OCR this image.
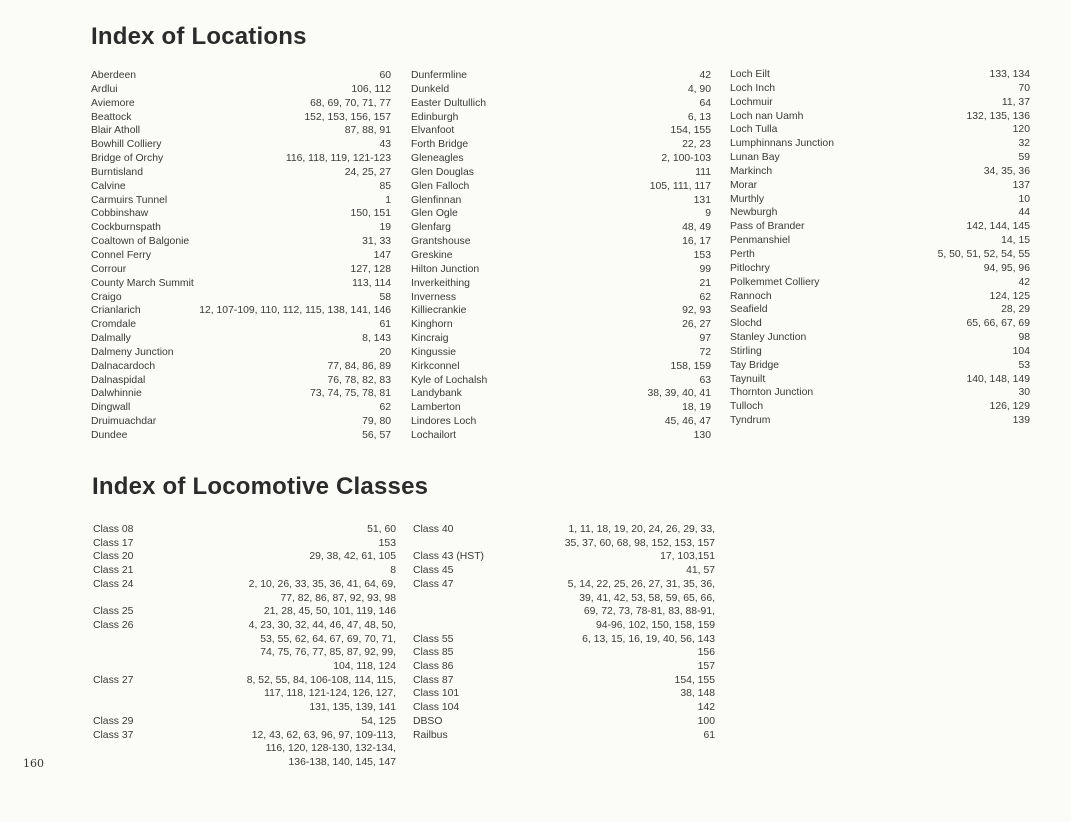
Index of Locations
Aberdeen	60
Ardlui	106, 112
Aviemore	68, 69, 70, 71, 77
Beattock	152, 153, 156, 157
Blair Atholl	87, 88, 91
Bowhill Colliery	43
Bridge of Orchy	116, 118, 119, 121-123
Burntisland	24, 25, 27
Calvine	85
Carmuirs Tunnel	1
Cobbinshaw	150, 151
Cockburnspath	19
Coaltown of Balgonie	31, 33
Connel Ferry	147
Corrour	127, 128
County March Summit	113, 114
Craigo	58
Crianlarich	12, 107-109, 110, 112, 115, 138, 141, 146
Cromdale	61
Dalmally	8, 143
Dalmeny Junction	20
Dalnacardoch	77, 84, 86, 89
Dalnaspidal	76, 78, 82, 83
Dalwhinnie	73, 74, 75, 78, 81
Dingwall	62
Druimuachdar	79, 80
Dundee	56, 57
Dunfermline	42
Dunkeld	4, 90
Easter Dultullich	64
Edinburgh	6, 13
Elvanfoot	154, 155
Forth Bridge	22, 23
Gleneagles	2, 100-103
Glen Douglas	111
Glen Falloch	105, 111, 117
Glenfinnan	131
Glen Ogle	9
Glenfarg	48, 49
Grantshouse	16, 17
Greskine	153
Hilton Junction	99
Inverkeithing	21
Inverness	62
Killiecrankie	92, 93
Kinghorn	26, 27
Kincraig	97
Kingussie	72
Kirkconnel	158, 159
Kyle of Lochalsh	63
Landybank	38, 39, 40, 41
Lamberton	18, 19
Lindores Loch	45, 46, 47
Lochailort	130
Loch Eilt	133, 134
Loch Inch	70
Lochmuir	11, 37
Loch nan Uamh	132, 135, 136
Loch Tulla	120
Lumphinnans Junction	32
Lunan Bay	59
Markinch	34, 35, 36
Morar	137
Murthly	10
Newburgh	44
Pass of Brander	142, 144, 145
Penmanshiel	14, 15
Perth	5, 50, 51, 52, 54, 55
Pitlochry	94, 95, 96
Polkemmet Colliery	42
Rannoch	124, 125
Seafield	28, 29
Slochd	65, 66, 67, 69
Stanley Junction	98
Stirling	104
Tay Bridge	53
Taynuilt	140, 148, 149
Thornton Junction	30
Tulloch	126, 129
Tyndrum	139
Index of Locomotive Classes
Class 08	51, 60
Class 17	153
Class 20	29, 38, 42, 61, 105
Class 21	8
Class 24	2, 10, 26, 33, 35, 36, 41, 64, 69,
77, 82, 86, 87, 92, 93, 98
Class 25	21, 28, 45, 50, 101, 119, 146
Class 26	4, 23, 30, 32, 44, 46, 47, 48, 50,
53, 55, 62, 64, 67, 69, 70, 71,
74, 75, 76, 77, 85, 87, 92, 99,
104, 118, 124
Class 27	8, 52, 55, 84, 106-108, 114, 115,
117, 118, 121-124, 126, 127,
131, 135, 139, 141
Class 29	54, 125
Class 37	12, 43, 62, 63, 96, 97, 109-113,
116, 120, 128-130, 132-134,
136-138, 140, 145, 147
Class 40	1, 11, 18, 19, 20, 24, 26, 29, 33,
35, 37, 60, 68, 98, 152, 153, 157
Class 43 (HST)	17, 103,151
Class 45	41, 57
Class 47	5, 14, 22, 25, 26, 27, 31, 35, 36,
39, 41, 42, 53, 58, 59, 65, 66,
69, 72, 73, 78-81, 83, 88-91,
94-96, 102, 150, 158, 159
Class 55	6, 13, 15, 16, 19, 40, 56, 143
Class 85	156
Class 86	157
Class 87	154, 155
Class 101	38, 148
Class 104	142
DBSO	100
Railbus	61
160
